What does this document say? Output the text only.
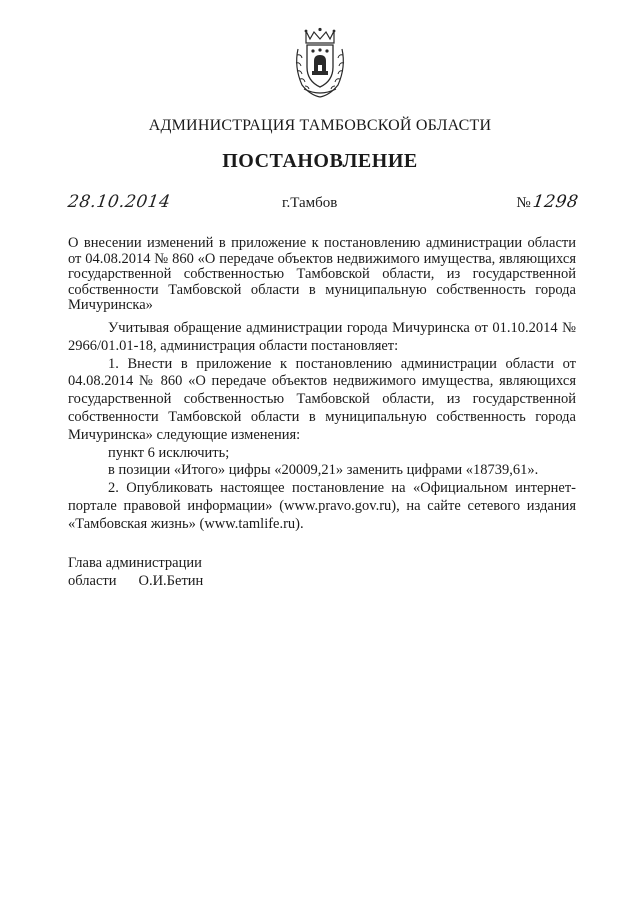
АДМИНИСТРАЦИЯ ТАМБОВСКОЙ ОБЛАСТИ
ПОСТАНОВЛЕНИЕ
28.10.2014	г.Тамбов	№1298
О внесении изменений в приложение к постановлению администрации области от 04.08.2014 № 860 «О передаче объектов недвижимого имущества, являющихся государственной собственностью Тамбовской области, из государственной собственности Тамбовской области в муниципальную собственность города Мичуринска»

Учитывая обращение администрации города Мичуринска от 01.10.2014 № 2966/01.01-18, администрация области постановляет:

1. Внести в приложение к постановлению администрации области от 04.08.2014 № 860 «О передаче объектов недвижимого имущества, являющихся государственной собственностью Тамбовской области, из государственной собственности Тамбовской области в муниципальную собственность города Мичуринска» следующие изменения:

пункт 6 исключить;

в позиции «Итого» цифры «20009,21» заменить цифрами «18739,61».

2. Опубликовать настоящее постановление на «Официальном интернет-портале правовой информации» (www.pravo.gov.ru), на сайте сетевого издания «Тамбовская жизнь» (www.tamlife.ru).

Глава администрации
области О.И.Бетин
